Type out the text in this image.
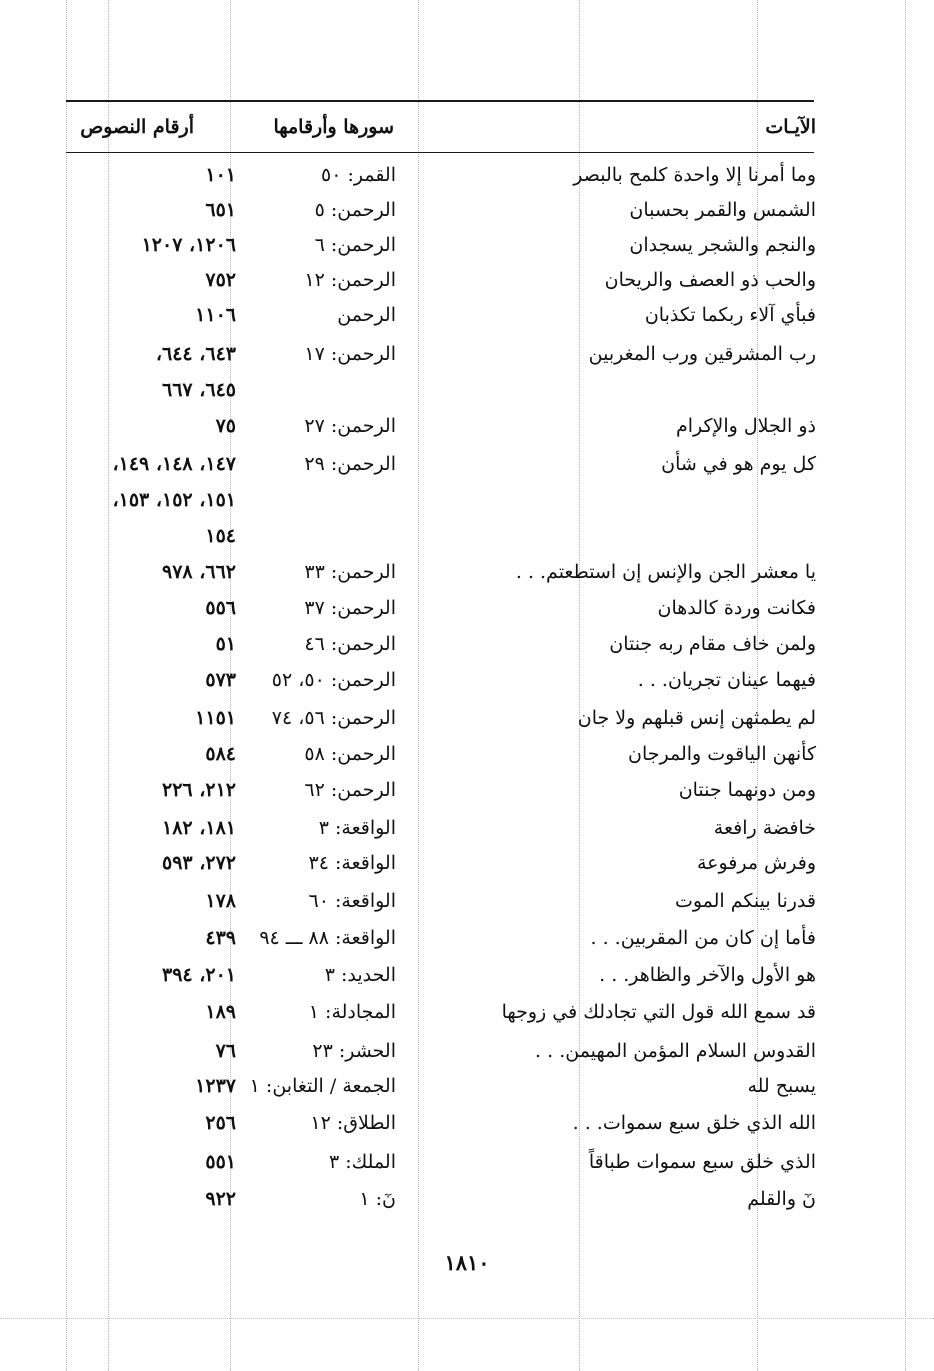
الآيـات
سورها وأرقامها
أرقام النصوص
وما أمرنا إلا واحدة كلمح بالبصر
القمر: ٥٠
١٠١
الشمس والقمر بحسبان
الرحمن: ٥
٦٥١
والنجم والشجر يسجدان
الرحمن: ٦
١٢٠٦، ١٢٠٧
والحب ذو العصف والريحان
الرحمن: ١٢
٧٥٢
فبأي آلاء ربكما تكذبان
الرحمن
١١٠٦
رب المشرقين ورب المغربين
الرحمن: ١٧
٦٤٣، ٦٤٤،
٦٤٥، ٦٦٧
ذو الجلال والإكرام
الرحمن: ٢٧
٧٥
كل يوم هو في شأن
الرحمن: ٢٩
١٤٧، ١٤٨، ١٤٩،
١٥١، ١٥٢، ١٥٣،
١٥٤
يا معشر الجن والإنس إن استطعتم. . .
الرحمن: ٣٣
٦٦٢، ٩٧٨
فكانت وردة كالدهان
الرحمن: ٣٧
٥٥٦
ولمن خاف مقام ربه جنتان
الرحمن: ٤٦
٥١
فيهما عينان تجريان. . .
الرحمن: ٥٠، ٥٢
٥٧٣
لم يطمثهن إنس قبلهم ولا جان
الرحمن: ٥٦، ٧٤
١١٥١
كأنهن الياقوت والمرجان
الرحمن: ٥٨
٥٨٤
ومن دونهما جنتان
الرحمن: ٦٢
٢١٢، ٢٢٦
خافضة رافعة
الواقعة: ٣
١٨١، ١٨٢
وفرش مرفوعة
الواقعة: ٣٤
٢٧٢، ٥٩٣
قدرنا بينكم الموت
الواقعة: ٦٠
١٧٨
فأما إن كان من المقربين. . .
الواقعة: ٨٨ ـــ ٩٤
٤٣٩
هو الأول والآخر والظاهر. . .
الحديد: ٣
٢٠١، ٣٩٤
قد سمع الله قول التي تجادلك في زوجها
المجادلة: ١
١٨٩
القدوس السلام المؤمن المهيمن. . .
الحشر: ٢٣
٧٦
يسبح لله
الجمعة / التغابن: ١
١٢٣٧
الله الذي خلق سبع سموات. . .
الطلاق: ١٢
٢٥٦
الذي خلق سبع سموات طباقاً
الملك: ٣
٥٥١
نٓ والقلم
نٓ: ١
٩٢٢
١٨١٠
